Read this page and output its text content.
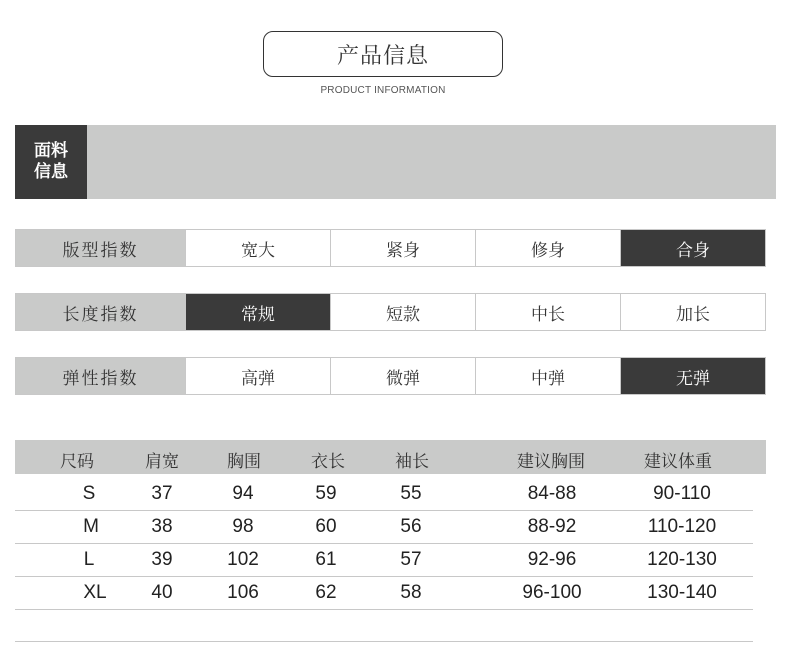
产品信息
PRODUCT INFORMATION
面料
信息
版型指数	宽大	紧身	修身	合身
长度指数	常规	短款	中长	加长
弹性指数	高弹	微弹	中弹	无弹
尺码	肩宽	胸围	衣长	袖长	建议胸围	建议体重
S	37	94	59	55	84-88	90-110
M	38	98	60	56	88-92	110-120
L	39	102	61	57	92-96	120-130
XL 40	106	62	58	96-100	130-140
